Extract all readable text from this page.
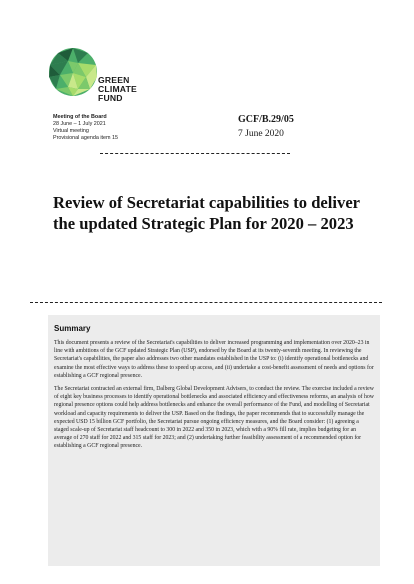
GREEN
CLIMATE
FUND
Meeting of the Board
28 June – 1 July 2021
Virtual meeting
Provisional agenda item 15
GCF/B.29/05
7 June 2020
Review of Secretariat capabilities to deliver the updated Strategic Plan for 2020 – 2023
Summary

This document presents a review of the Secretariat's capabilities to deliver increased programming and implementation over 2020–23 in line with ambitions of the GCF updated Strategic Plan (USP), endorsed by the Board at its twenty-seventh meeting. In reviewing the Secretariat's capabilities, the paper also addresses two other mandates established in the USP to: (i) identify operational bottlenecks and examine the most effective ways to address these to speed up access, and (ii) undertake a cost-benefit assessment of needs and options for establishing a GCF regional presence.

The Secretariat contracted an external firm, Dalberg Global Development Advisers, to conduct the review. The exercise included a review of eight key business processes to identify operational bottlenecks and associated efficiency and effectiveness reforms, an analysis of how regional presence options could help address bottlenecks and enhance the overall performance of the Fund, and modelling of Secretariat workload and capacity requirements to deliver the USP. Based on the findings, the paper recommends that to successfully manage the expected USD 15 billion GCF portfolio, the Secretariat pursue ongoing efficiency measures, and the Board consider: (1) agreeing a staged scale-up of Secretariat staff headcount to 300 in 2022 and 350 in 2023, which with a 90% fill rate, implies budgeting for an average of 270 staff for 2022 and 315 staff for 2023; and (2) undertaking further feasibility assessment of a recommended option for establishing a GCF regional presence.
